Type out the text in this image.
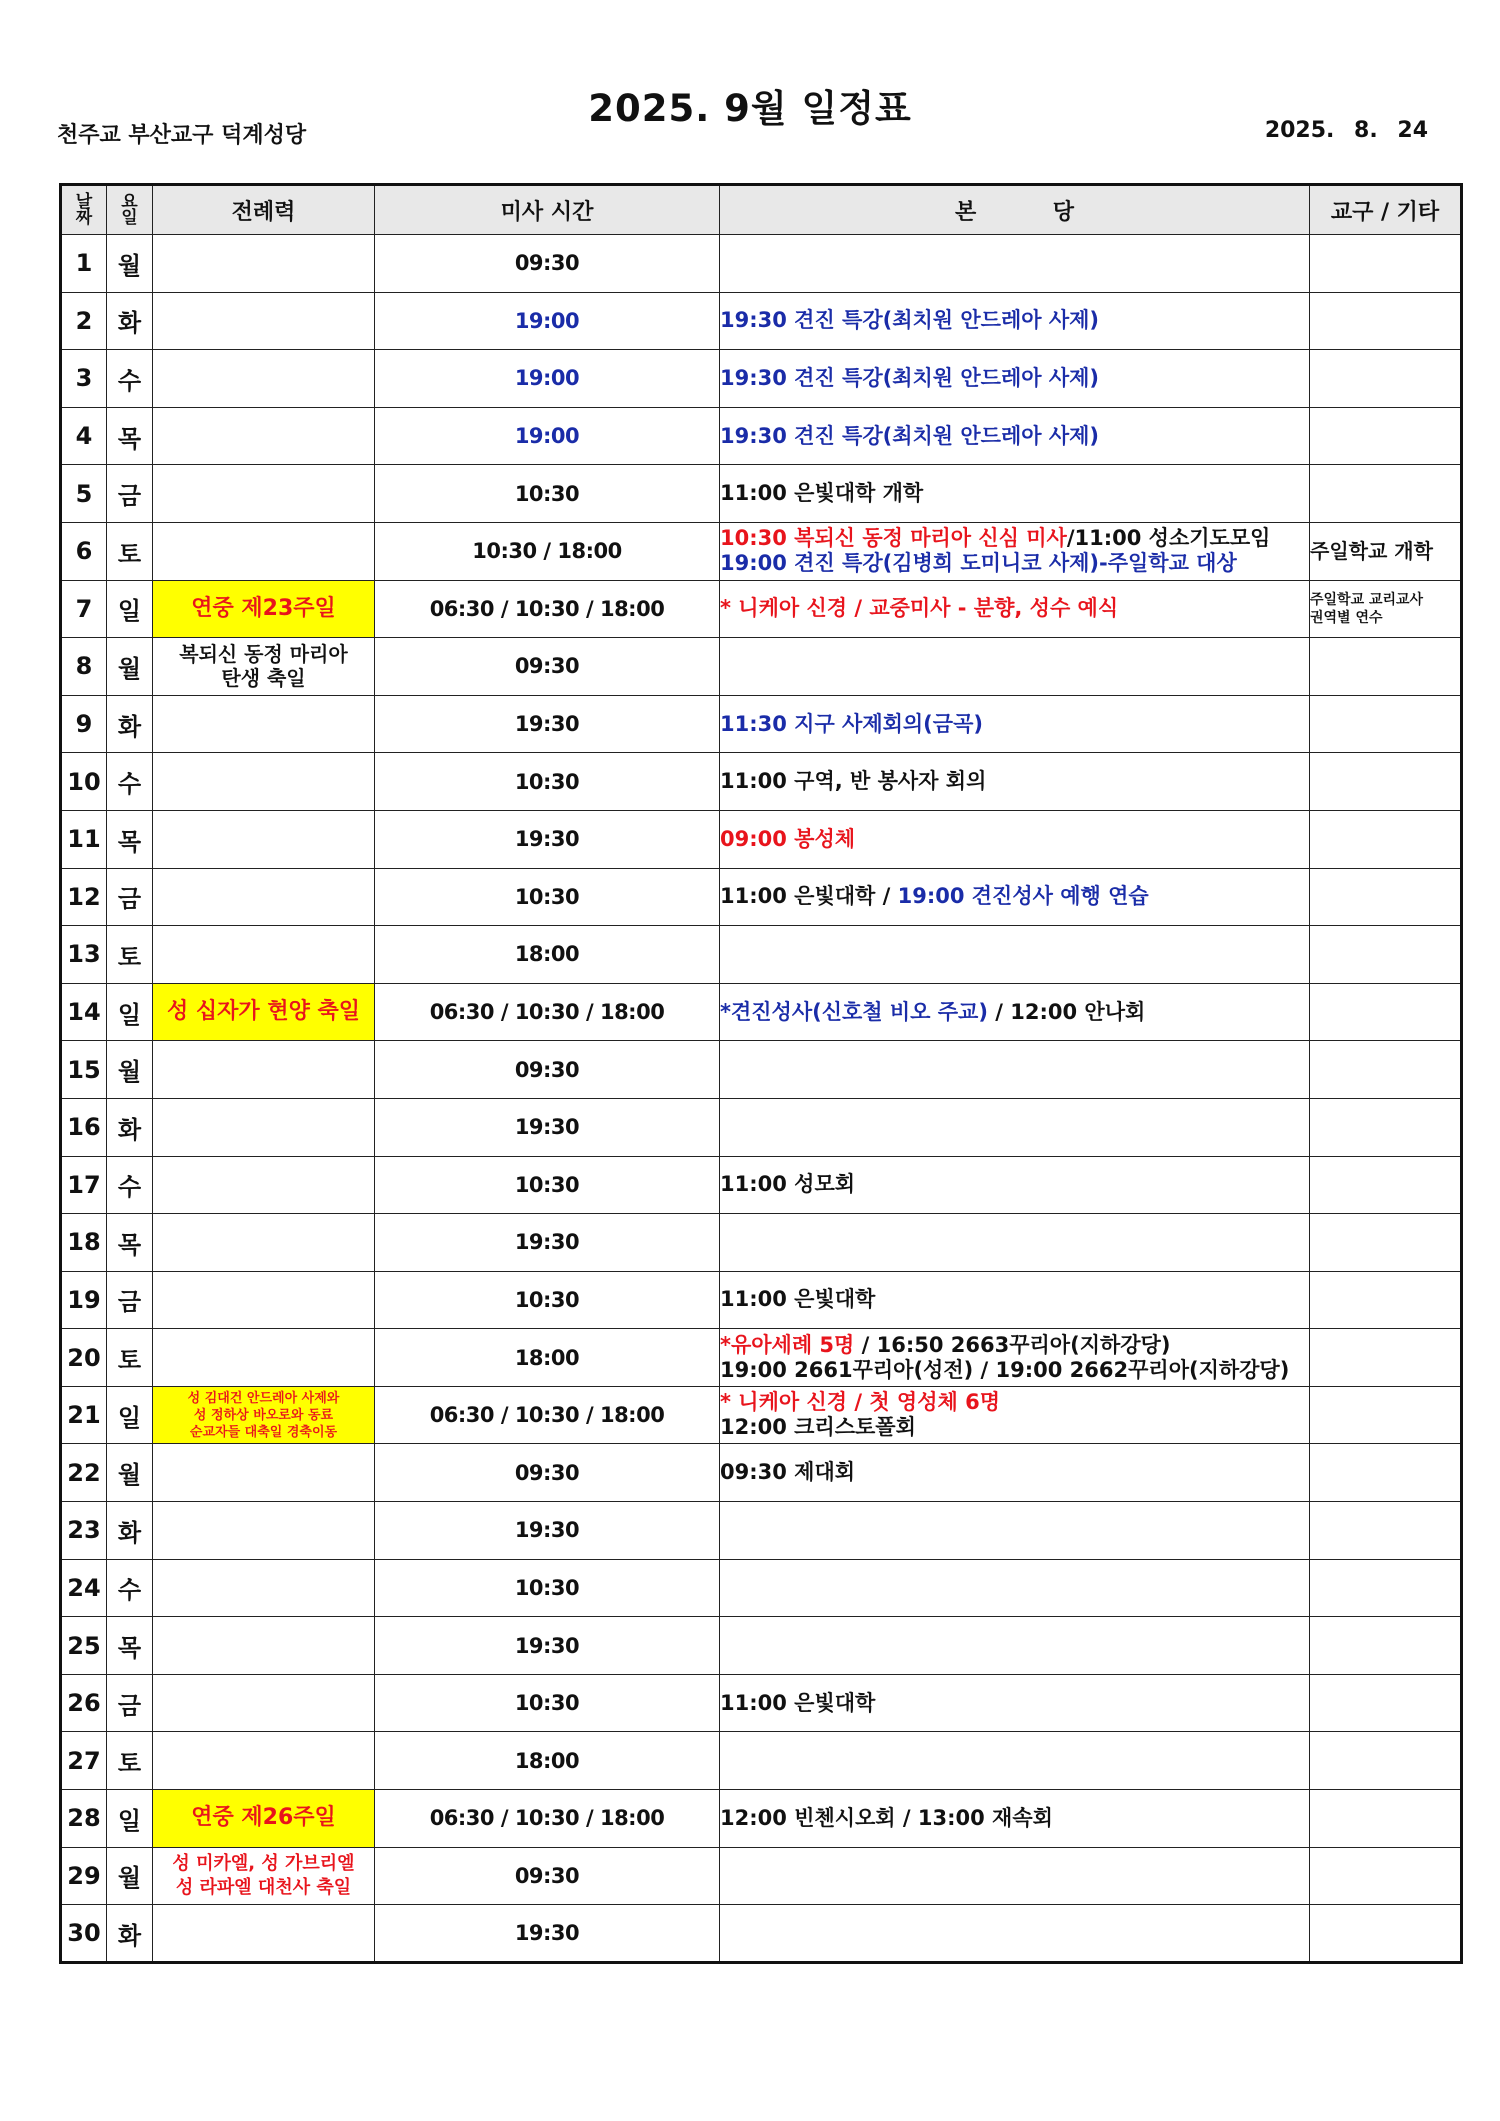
2025. 9월 일정표
천주교 부산교구 덕계성당	2025. 8. 24
날짜	요일	전례력	미사 시간	본          당	교구 / 기타
1	월		09:30		
2	화		19:00	19:30 견진 특강(최치원 안드레아 사제)	

3	수		19:00	19:30 견진 특강(최치원 안드레아 사제)	

4	목		19:00	19:30 견진 특강(최치원 안드레아 사제)	

5	금		10:30	11:00 은빛대학 개학	

6	토		10:30 / 18:00	10:30 복되신 동정 마리아 신심 미사/11:00 성소기도모임
19:00 견진 특강(김병희 도미니코 사제)-주일학교 대상	주일학교 개학

7	일	연중 제23주일	06:30 / 10:30 / 18:00	* 니케아 신경 / 교중미사 - 분향, 성수 예식	주일학교 교리교사
권역별 연수

8	월	복되신 동정 마리아
탄생 축일	09:30		
9	화		19:30	11:30 지구 사제회의(금곡)	

10	수		10:30	11:00 구역, 반 봉사자 회의	

11	목		19:30	09:00 봉성체	

12	금		10:30	11:00 은빛대학 / 19:00 견진성사 예행 연습	

13	토		18:00		
14	일	성 십자가 현양 축일	06:30 / 10:30 / 18:00	*견진성사(신호철 비오 주교) / 12:00 안나회	

15	월		09:30		
16	화		19:30		
17	수		10:30	11:00 성모회	

18	목		19:30		
19	금		10:30	11:00 은빛대학	

20	토		18:00	*유아세례 5명 / 16:50 2663꾸리아(지하강당)
19:00 2661꾸리아(성전) / 19:00 2662꾸리아(지하강당)	

21	일	성 김대건 안드레아 사제와
성 정하상 바오로와 동료
순교자들 대축일 경축이동	06:30 / 10:30 / 18:00	* 니케아 신경 / 첫 영성체 6명
12:00 크리스토폴회	

22	월		09:30	09:30 제대회	

23	화		19:30		
24	수		10:30		
25	목		19:30		
26	금		10:30	11:00 은빛대학	

27	토		18:00		
28	일	연중 제26주일	06:30 / 10:30 / 18:00	12:00 빈첸시오회 / 13:00 재속회	

29	월	성 미카엘, 성 가브리엘
성 라파엘 대천사 축일	09:30		
30	화		19:30		
